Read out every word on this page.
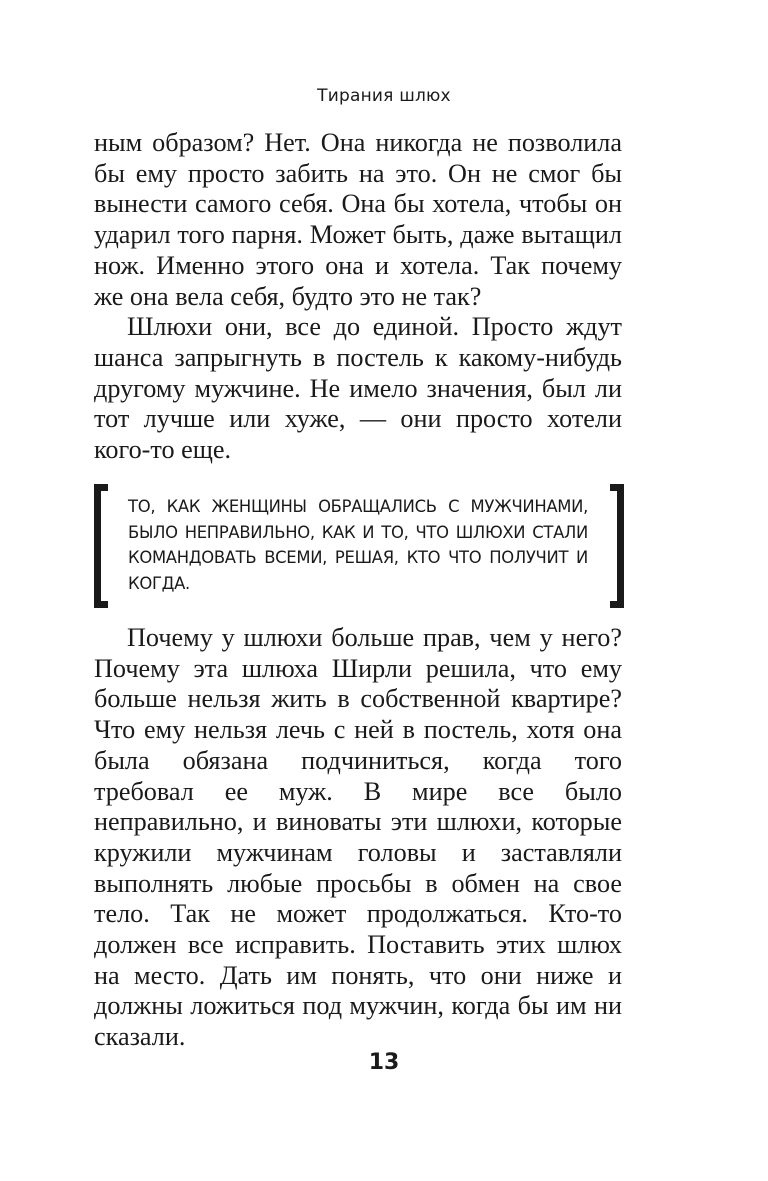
Тирания шлюх

ным образом? Нет. Она никогда не позволила бы ему просто забить на это. Он не смог бы вынести самого себя. Она бы хотела, чтобы он ударил того парня. Может быть, даже вытащил нож. Именно этого она и хотела. Так почему же она вела себя, будто это не так?

Шлюхи они, все до единой. Просто ждут шанса запрыгнуть в постель к какому-нибудь другому мужчине. Не имело значения, был ли тот лучше или хуже, — они просто хотели кого-то еще.

ТО, КАК ЖЕНЩИНЫ ОБРАЩАЛИСЬ С МУЖЧИНАМИ, БЫЛО НЕПРАВИЛЬНО, КАК И ТО, ЧТО ШЛЮХИ СТАЛИ КОМАНДОВАТЬ ВСЕМИ, РЕШАЯ, КТО ЧТО ПОЛУЧИТ И КОГДА.

Почему у шлюхи больше прав, чем у него? Почему эта шлюха Ширли решила, что ему больше нельзя жить в собственной квартире? Что ему нельзя лечь с ней в постель, хотя она была обязана подчиниться, когда того требовал ее муж. В мире все было неправильно, и виноваты эти шлюхи, которые кружили мужчинам головы и заставляли выполнять любые просьбы в обмен на свое тело. Так не может продолжаться. Кто-то должен все исправить. Поставить этих шлюх на место. Дать им понять, что они ниже и должны ложиться под мужчин, когда бы им ни сказали.

13
